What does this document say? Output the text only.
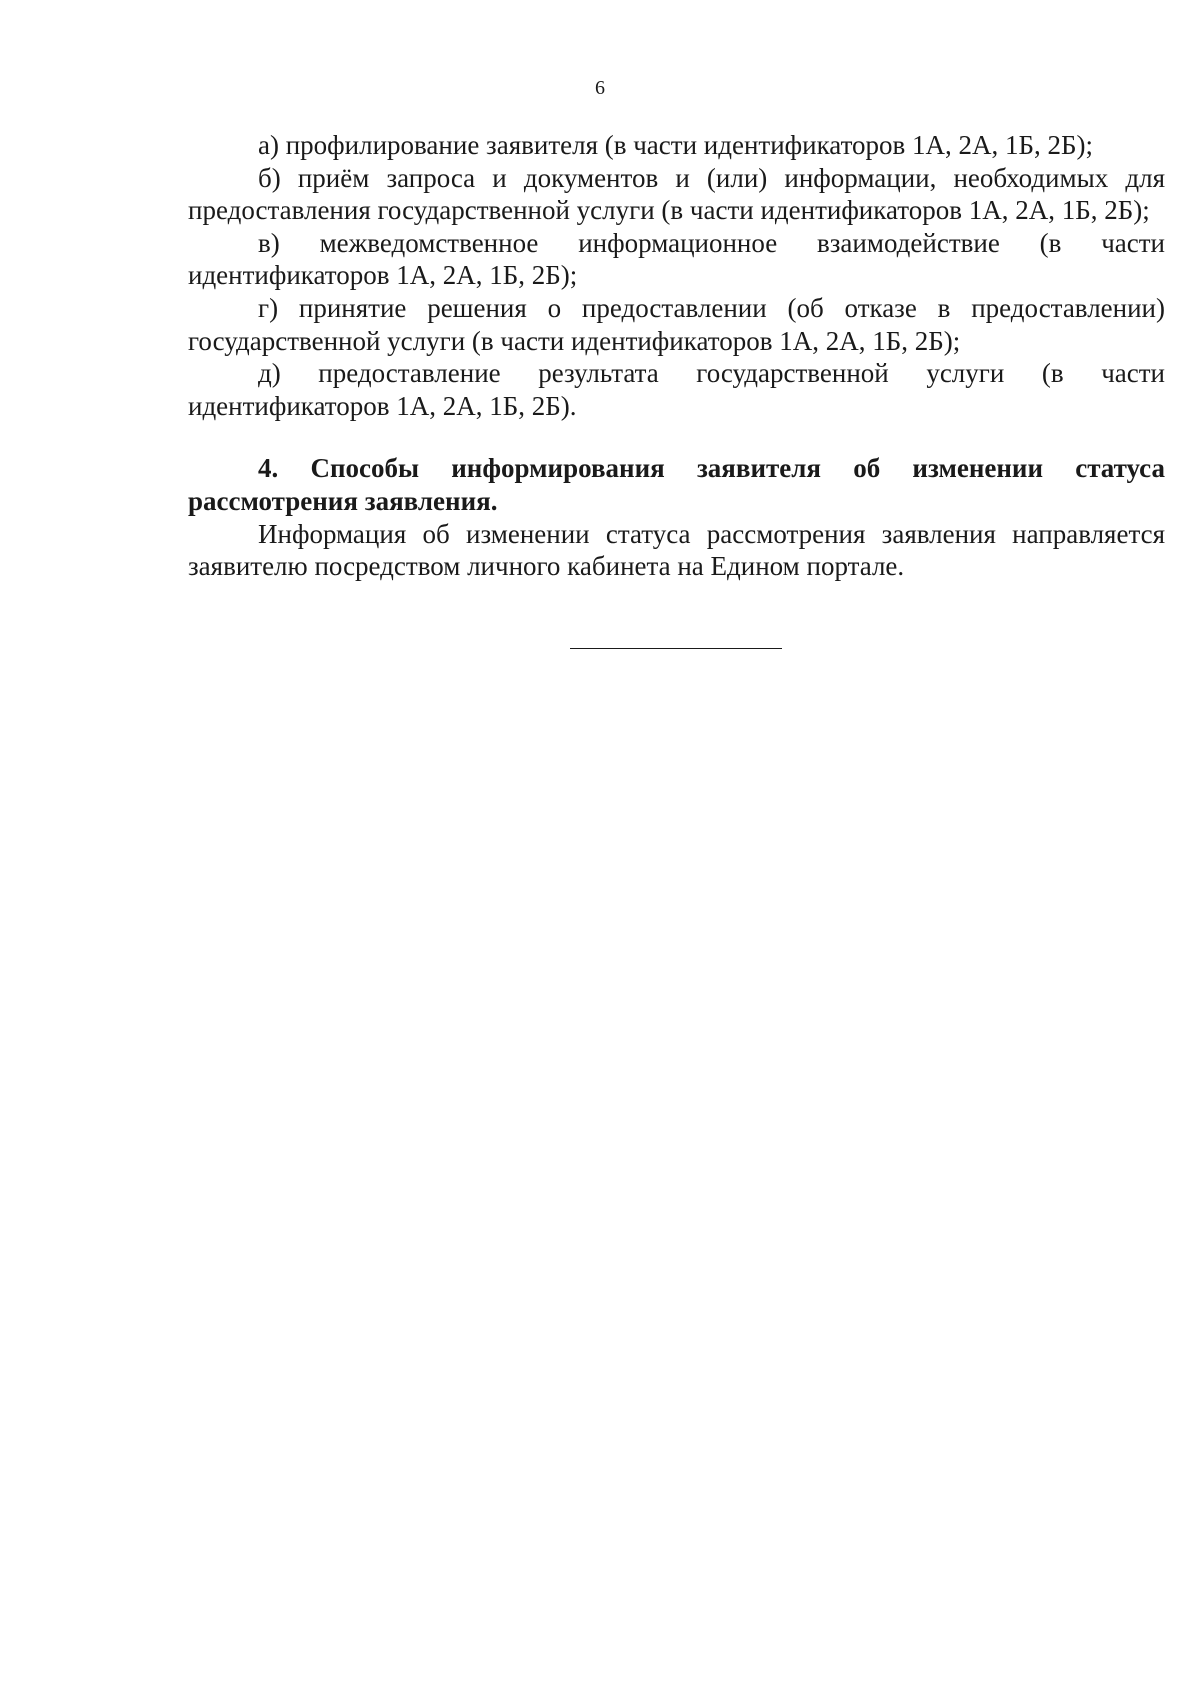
6

а) профилирование заявителя (в части идентификаторов 1А, 2А, 1Б, 2Б);

б) приём запроса и документов и (или) информации, необходимых для предоставления государственной услуги (в части идентификаторов 1А, 2А, 1Б, 2Б);

в) межведомственное информационное взаимодействие (в части идентификаторов 1А, 2А, 1Б, 2Б);

г) принятие решения о предоставлении (об отказе в предоставлении) государственной услуги (в части идентификаторов 1А, 2А, 1Б, 2Б);

д) предоставление результата государственной услуги (в части идентификаторов 1А, 2А, 1Б, 2Б).

4. Способы информирования заявителя об изменении статуса рассмотрения заявления.

Информация об изменении статуса рассмотрения заявления направляется заявителю посредством личного кабинета на Едином портале.
